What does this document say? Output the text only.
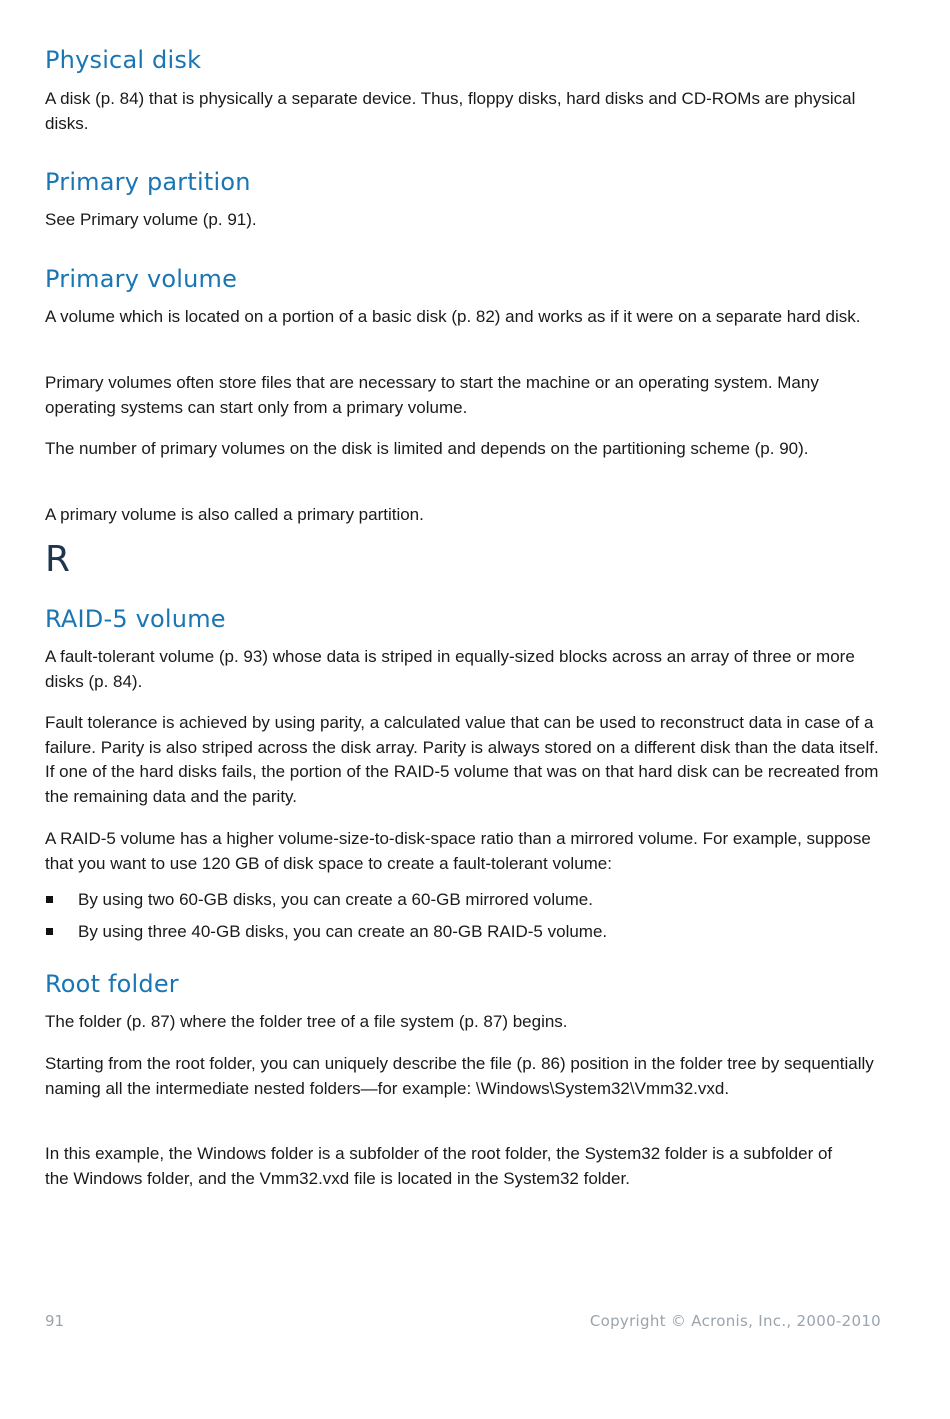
Physical disk

A disk (p. 84) that is physically a separate device. Thus, floppy disks, hard disks and CD-ROMs are physical disks.

Primary partition

See Primary volume (p. 91).

Primary volume

A volume which is located on a portion of a basic disk (p. 82) and works as if it were on a separate hard disk.

Primary volumes often store files that are necessary to start the machine or an operating system. Many operating systems can start only from a primary volume.

The number of primary volumes on the disk is limited and depends on the partitioning scheme (p. 90).

A primary volume is also called a primary partition.

R
RAID-5 volume

A fault-tolerant volume (p. 93) whose data is striped in equally-sized blocks across an array of three or more disks (p. 84).

Fault tolerance is achieved by using parity, a calculated value that can be used to reconstruct data in case of a failure. Parity is also striped across the disk array. Parity is always stored on a different disk than the data itself. If one of the hard disks fails, the portion of the RAID-5 volume that was on that hard disk can be recreated from the remaining data and the parity.

A RAID-5 volume has a higher volume-size-to-disk-space ratio than a mirrored volume. For example, suppose that you want to use 120 GB of disk space to create a fault-tolerant volume:

By using two 60-GB disks, you can create a 60-GB mirrored volume.
By using three 40-GB disks, you can create an 80-GB RAID-5 volume.
Root folder

The folder (p. 87) where the folder tree of a file system (p. 87) begins.

Starting from the root folder, you can uniquely describe the file (p. 86) position in the folder tree by sequentially naming all the intermediate nested folders—for example: \Windows\System32\Vmm32.vxd.

In this example, the Windows folder is a subfolder of the root folder, the System32 folder is a subfolder of the Windows folder, and the Vmm32.vxd file is located in the System32 folder.

91	Copyright © Acronis, Inc., 2000-2010
